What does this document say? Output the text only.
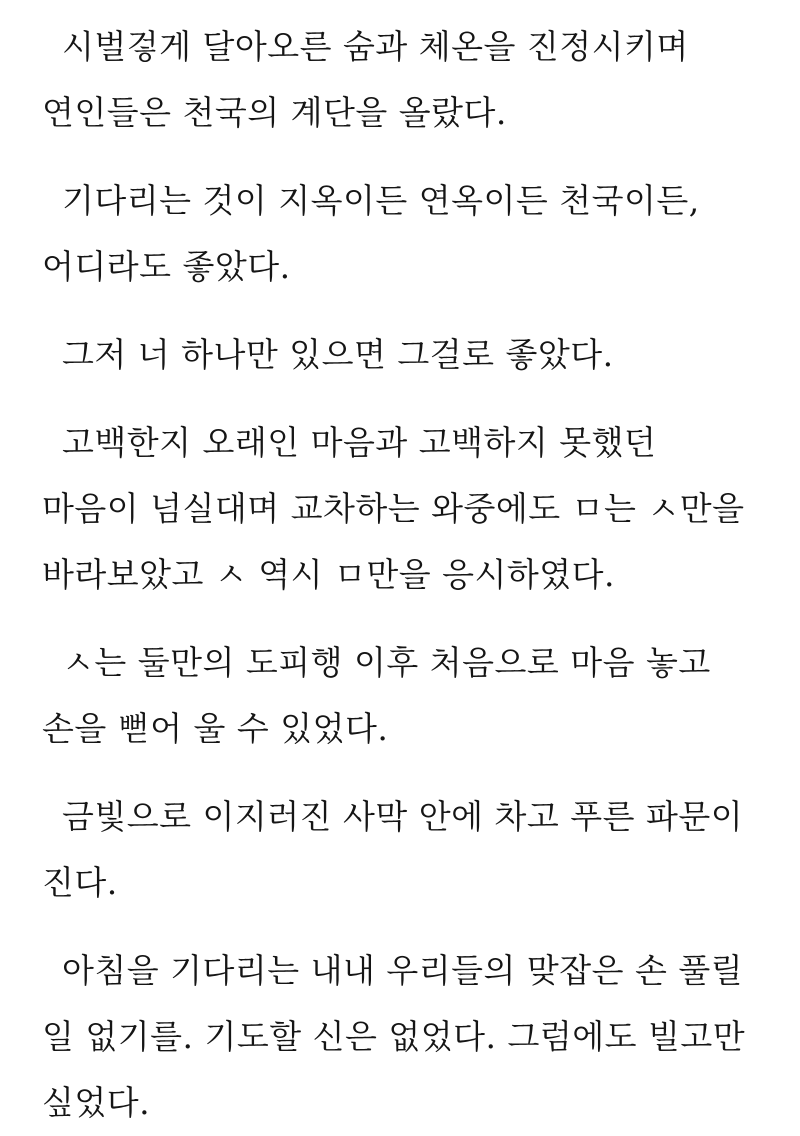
시벌겋게 달아오른 숨과 체온을 진정시키며 연인들은 천국의 계단을 올랐다.

기다리는 것이 지옥이든 연옥이든 천국이든, 어디라도 좋았다.

그저 너 하나만 있으면 그걸로 좋았다.

고백한지 오래인 마음과 고백하지 못했던 마음이 넘실대며 교차하는 와중에도 ㅁ는 ㅅ만을 바라보았고 ㅅ 역시 ㅁ만을 응시하였다.

ㅅ는 둘만의 도피행 이후 처음으로 마음 놓고 손을 뻗어 울 수 있었다.

금빛으로 이지러진 사막 안에 차고 푸른 파문이 진다.

아침을 기다리는 내내 우리들의 맞잡은 손 풀릴 일 없기를. 기도할 신은 없었다. 그럼에도 빌고만 싶었다.
